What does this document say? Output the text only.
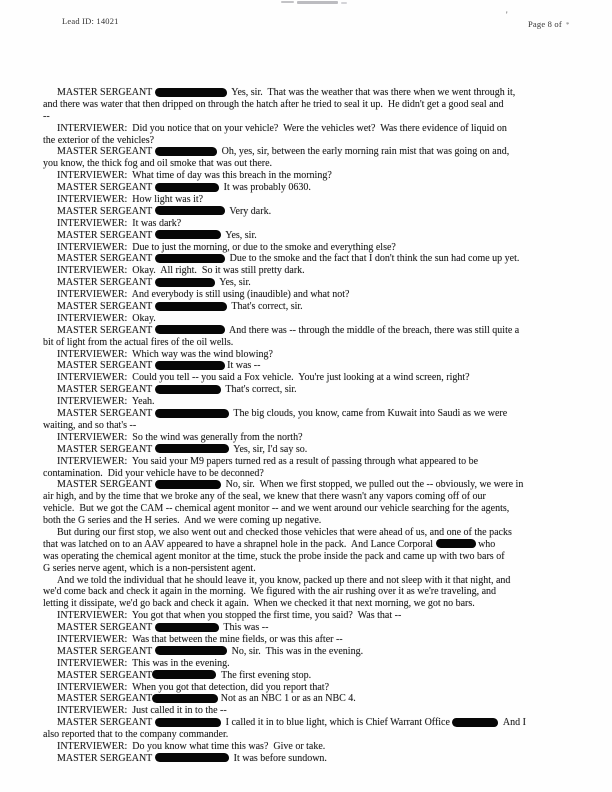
Lead ID: 14021
'
Page 8 of *
MASTER SERGEANT	Yes, sir.  That was the weather that was there when we went through it,
and there was water that then dripped on through the hatch after he tried to seal it up.  He didn't get a good seal and
--
INTERVIEWER:  Did you notice that on your vehicle?  Were the vehicles wet?  Was there evidence of liquid on
the exterior of the vehicles?
MASTER SERGEANT	Oh, yes, sir, between the early morning rain mist that was going on and,
you know, the thick fog and oil smoke that was out there.
INTERVIEWER:  What time of day was this breach in the morning?
MASTER SERGEANT	It was probably 0630.
INTERVIEWER:  How light was it?
MASTER SERGEANT	Very dark.
INTERVIEWER:  It was dark?
MASTER SERGEANT	Yes, sir.
INTERVIEWER:  Due to just the morning, or due to the smoke and everything else?
MASTER SERGEANT	Due to the smoke and the fact that I don't think the sun had come up yet.
INTERVIEWER:  Okay.  All right.  So it was still pretty dark.
MASTER SERGEANT	Yes, sir.
INTERVIEWER:  And everybody is still using (inaudible) and what not?
MASTER SERGEANT	That's correct, sir.
INTERVIEWER:  Okay.
MASTER SERGEANT	And there was -- through the middle of the breach, there was still quite a
bit of light from the actual fires of the oil wells.
INTERVIEWER:  Which way was the wind blowing?
MASTER SERGEANT	It was --
INTERVIEWER:  Could you tell -- you said a Fox vehicle.  You're just looking at a wind screen, right?
MASTER SERGEANT	That's correct, sir.
INTERVIEWER:  Yeah.
MASTER SERGEANT	The big clouds, you know, came from Kuwait into Saudi as we were
waiting, and so that's --
INTERVIEWER:  So the wind was generally from the north?
MASTER SERGEANT	Yes, sir, I'd say so.
INTERVIEWER:  You said your M9 papers turned red as a result of passing through what appeared to be
contamination.  Did your vehicle have to be deconned?
MASTER SERGEANT	No, sir.  When we first stopped, we pulled out the -- obviously, we were in
air high, and by the time that we broke any of the seal, we knew that there wasn't any vapors coming off of our
vehicle.  But we got the CAM -- chemical agent monitor -- and we went around our vehicle searching for the agents,
both the G series and the H series.  And we were coming up negative.
But during our first stop, we also went out and checked those vehicles that were ahead of us, and one of the packs
that was latched on to an AAV appeared to have a shrapnel hole in the pack.  And Lance Corporal	who
was operating the chemical agent monitor at the time, stuck the probe inside the pack and came up with two bars of
G series nerve agent, which is a non-persistent agent.
And we told the individual that he should leave it, you know, packed up there and not sleep with it that night, and
we'd come back and check it again in the morning.  We figured with the air rushing over it as we're traveling, and
letting it dissipate, we'd go back and check it again.  When we checked it that next morning, we got no bars.
INTERVIEWER:  You got that when you stopped the first time, you said?  Was that --
MASTER SERGEANT	This was --
INTERVIEWER:  Was that between the mine fields, or was this after --
MASTER SERGEANT	No, sir.  This was in the evening.
INTERVIEWER:  This was in the evening.
MASTER SERGEANT	The first evening stop.
INTERVIEWER:  When you got that detection, did you report that?
MASTER SERGEANT	Not as an NBC 1 or as an NBC 4.
INTERVIEWER:  Just called it in to the --
MASTER SERGEANT	I called it in to blue light, which is Chief Warrant Office	And I
also reported that to the company commander.
INTERVIEWER:  Do you know what time this was?  Give or take.
MASTER SERGEANT	It was before sundown.
